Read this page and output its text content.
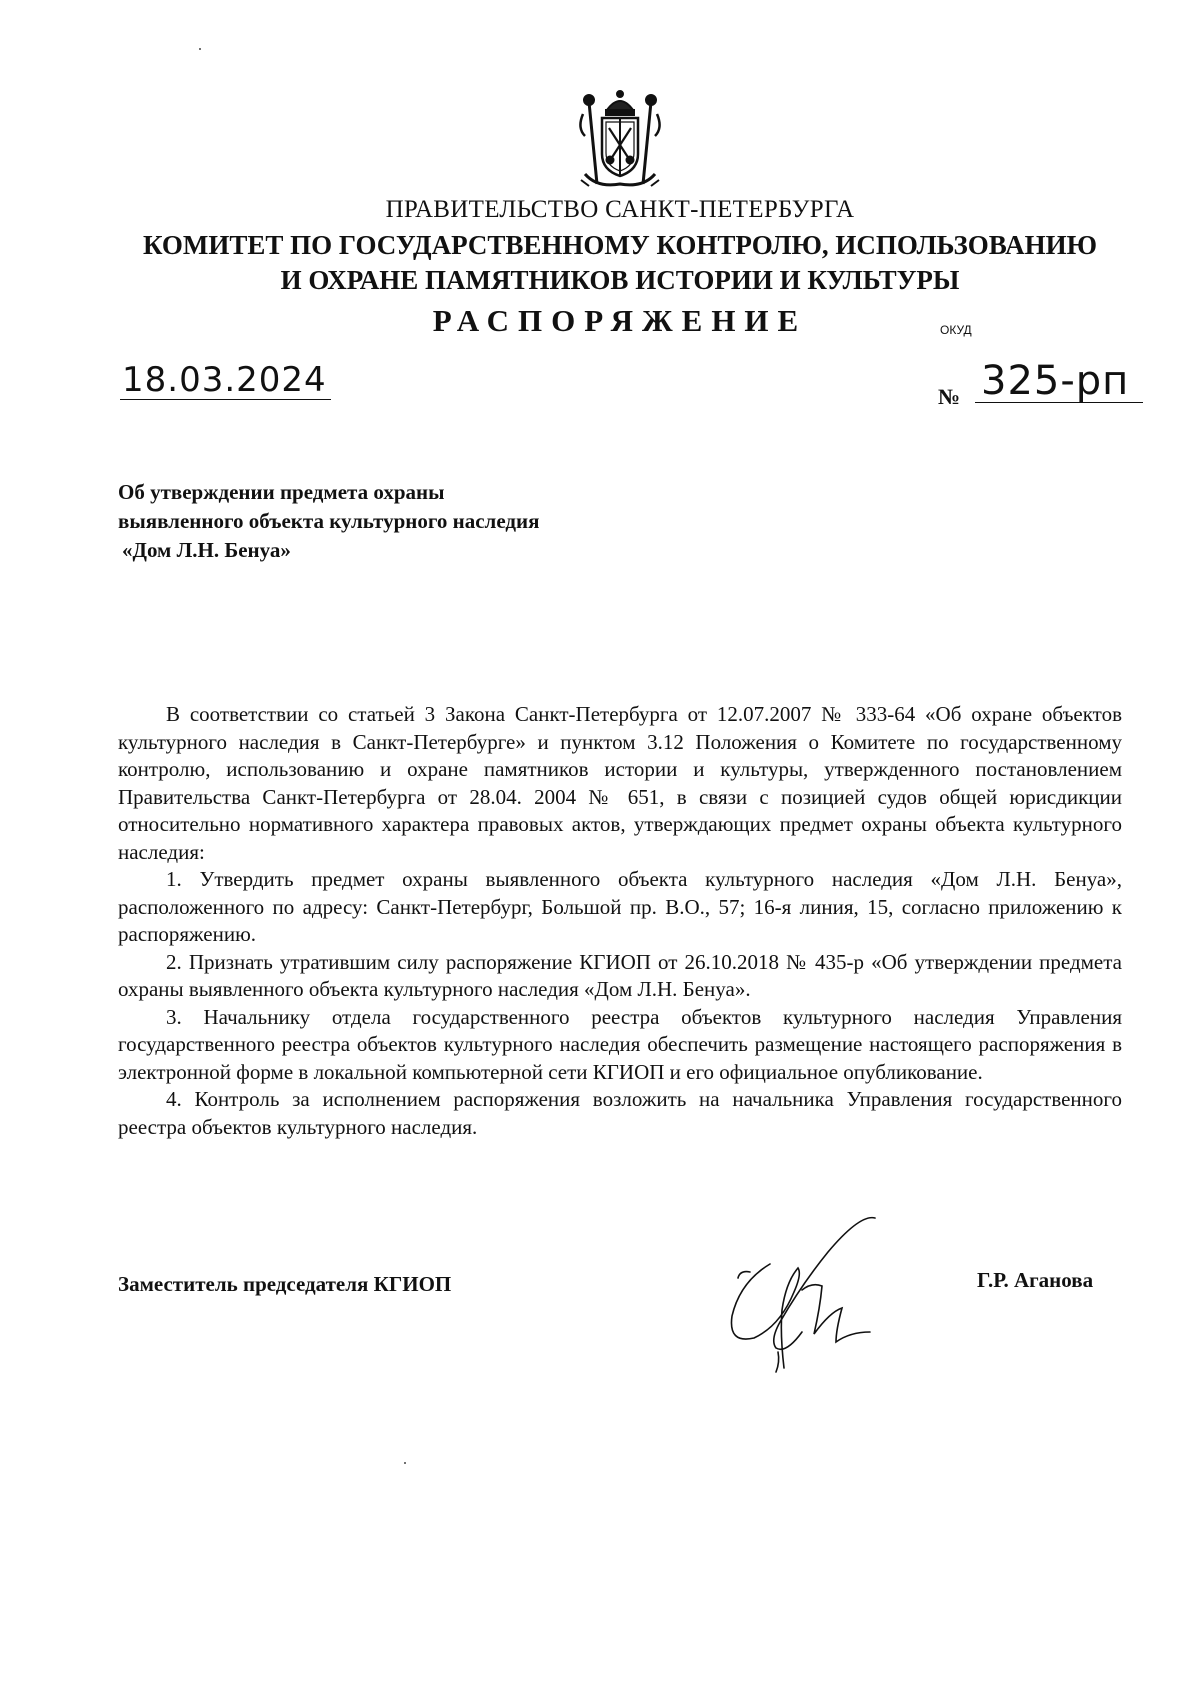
ПРАВИТЕЛЬСТВО САНКТ-ПЕТЕРБУРГА
КОМИТЕТ ПО ГОСУДАРСТВЕННОМУ КОНТРОЛЮ, ИСПОЛЬЗОВАНИЮ
И ОХРАНЕ ПАМЯТНИКОВ ИСТОРИИ И КУЛЬТУРЫ
РАСПОРЯЖЕНИЕ	ОКУД
18.03.2024	№ 325-рп
Об утверждении предмета охраны
выявленного объекта культурного наследия
«Дом Л.Н. Бенуа»

В соответствии со статьей 3 Закона Санкт-Петербурга от 12.07.2007 № 333-64 «Об охране объектов культурного наследия в Санкт-Петербурге» и пунктом 3.12 Положения о Комитете по государственному контролю, использованию и охране памятников истории и культуры, утвержденного постановлением Правительства Санкт-Петербурга от 28.04. 2004 № 651, в связи с позицией судов общей юрисдикции относительно нормативного характера правовых актов, утверждающих предмет охраны объекта культурного наследия:

1. Утвердить предмет охраны выявленного объекта культурного наследия «Дом Л.Н. Бенуа», расположенного по адресу: Санкт-Петербург, Большой пр. В.О., 57; 16-я линия, 15, согласно приложению к распоряжению.

2. Признать утратившим силу распоряжение КГИОП от 26.10.2018 № 435-р «Об утверждении предмета охраны выявленного объекта культурного наследия «Дом Л.Н. Бенуа».

3. Начальнику отдела государственного реестра объектов культурного наследия Управления государственного реестра объектов культурного наследия обеспечить размещение настоящего распоряжения в электронной форме в локальной компьютерной сети КГИОП и его официальное опубликование.

4. Контроль за исполнением распоряжения возложить на начальника Управления государственного реестра объектов культурного наследия.

Заместитель председателя КГИОП	Г.Р. Аганова
